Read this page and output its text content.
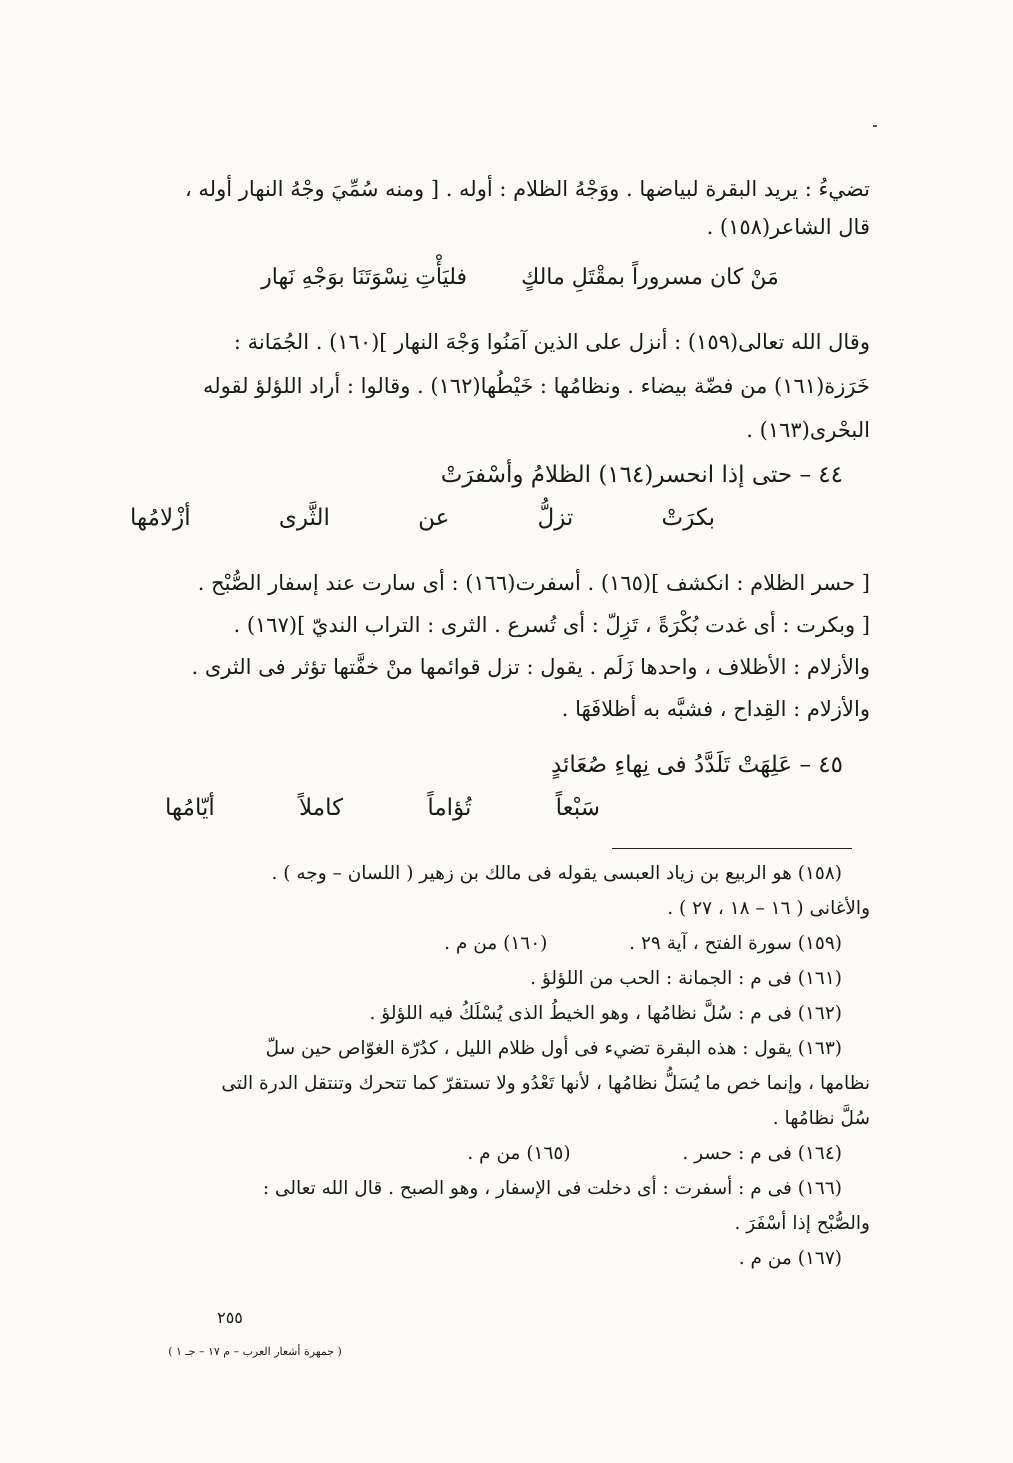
تضيءُ : يريد البقرة لبياضها . ووَجْهُ الظلام : أوله . [ ومنه سُمِّيَ وجْهُ النهار أوله ،

قال الشاعر(١٥٨) .

مَنْ كان مسروراً بمقْتَلِ مالكٍ  فليَأْتِ نِسْوَتَنَا بوَجْهِ نَهار

وقال الله تعالى(١٥٩) : أنزل على الذين آمَنُوا وَجْهَ النهار ](١٦٠) . الجُمَانة :

خَرَزة(١٦١) من فضّة بيضاء . ونظامُها : خَيْطُها(١٦٢) . وقالوا : أراد اللؤلؤ لقوله

البحْرى(١٦٣) .

٤٤ – حتى إذا انحسر(١٦٤) الظلامُ وأسْفرَتْ
بكرَتْ
تزلُّ
عن
الثَّرى
أزْلامُها

[ حسر الظلام : انكشف ](١٦٥) . أسفرت(١٦٦) : أى سارت عند إسفار الصُّبْح .

[ وبكرت : أى غدت بُكْرَةً ، تَزِلّ : أى تُسرع . الثرى : التراب النديّ ](١٦٧) .

والأزلام : الأظلاف ، واحدها زَلَم . يقول : تزل قوائمها منْ خفَّتها تؤثر فى الثرى .

والأزلام : القِداح ، فشبَّه به أظلافَهَا .

٤٥ – عَلِهَتْ تَلَدَّدُ فى نِهاءِ صُعَائدٍ
سَبْعاً
تُؤاماً
كاملاً
أيّامُها

(١٥٨) هو الربيع بن زياد العبسى يقوله فى مالك بن زهير ( اللسان – وجه ) .

والأغانى ( ١٦ – ١٨ ، ٢٧ ) .

(١٥٩) سورة الفتح ، آية ٢٩ .  (١٦٠) من م .

(١٦١) فى م : الجمانة : الحب من اللؤلؤ .

(١٦٢) فى م : سُلَّ نظامُها ، وهو الخيطُ الذى يُسْلَكُ فيه اللؤلؤ .

(١٦٣) يقول : هذه البقرة تضيء فى أول ظلام الليل ، كدُرّة الغوّاص حين سلّ

نظامها ، وإنما خص ما يُسَلُّ نظامُها ، لأنها تَعْدُو ولا تستقرّ كما تتحرك وتنتقل الدرة التى

سُلَّ نظامُها .

(١٦٤) فى م : حسر .  (١٦٥) من م .

(١٦٦) فى م : أسفرت : أى دخلت فى الإسفار ، وهو الصبح . قال الله تعالى :

والصُّبْح إذا أسْفَرَ .

(١٦٧) من م .

٢٥٥
( جمهرة أشعار العرب – م ١٧ – جـ ١ )
